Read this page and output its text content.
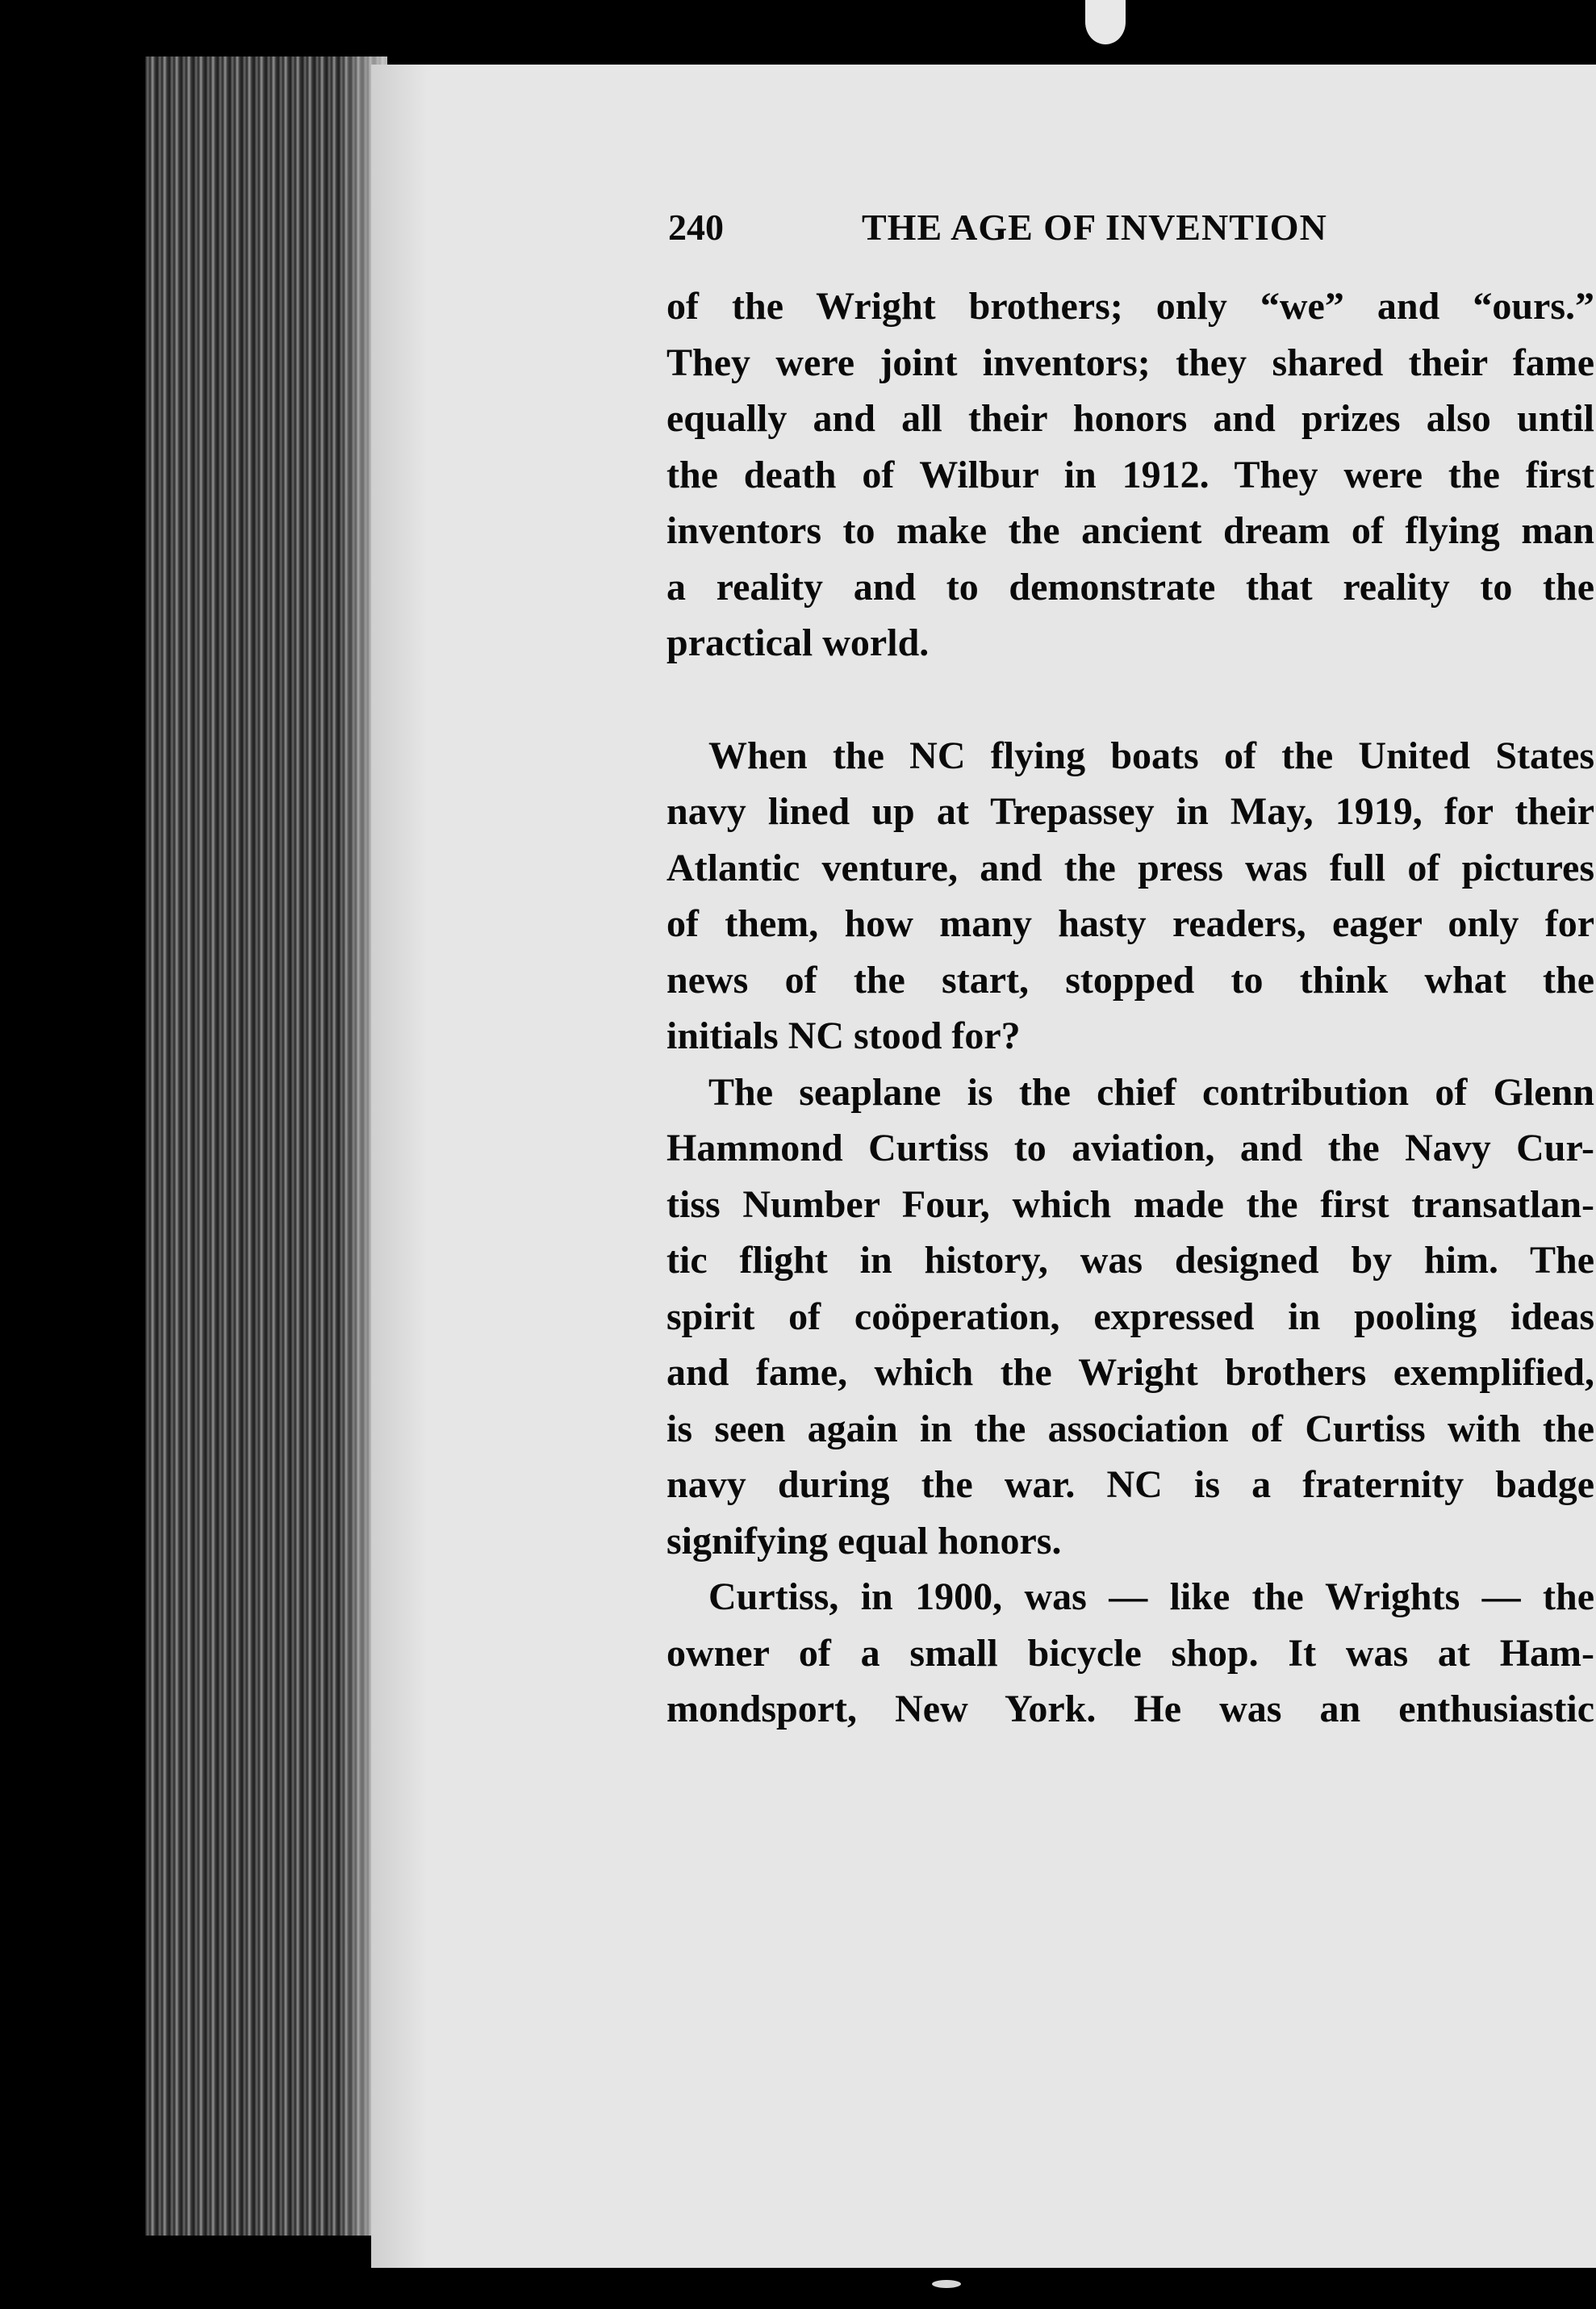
240	THE AGE OF INVENTION
of the Wright brothers; only “we” and “ours.”
They were joint inventors; they shared their fame
equally and all their honors and prizes also until
the death of Wilbur in 1912. They were the first
inventors to make the ancient dream of flying man
a reality and to demonstrate that reality to the
practical world.
When the NC flying boats of the United States
navy lined up at Trepassey in May, 1919, for their
Atlantic venture, and the press was full of pictures
of them, how many hasty readers, eager only for
news of the start, stopped to think what the
initials NC stood for?
The seaplane is the chief contribution of Glenn
Hammond Curtiss to aviation, and the Navy Cur-
tiss Number Four, which made the first transatlan-
tic flight in history, was designed by him. The
spirit of coöperation, expressed in pooling ideas
and fame, which the Wright brothers exemplified,
is seen again in the association of Curtiss with the
navy during the war. NC is a fraternity badge
signifying equal honors.
Curtiss, in 1900, was — like the Wrights — the
owner of a small bicycle shop. It was at Ham-
mondsport, New York. He was an enthusiastic
